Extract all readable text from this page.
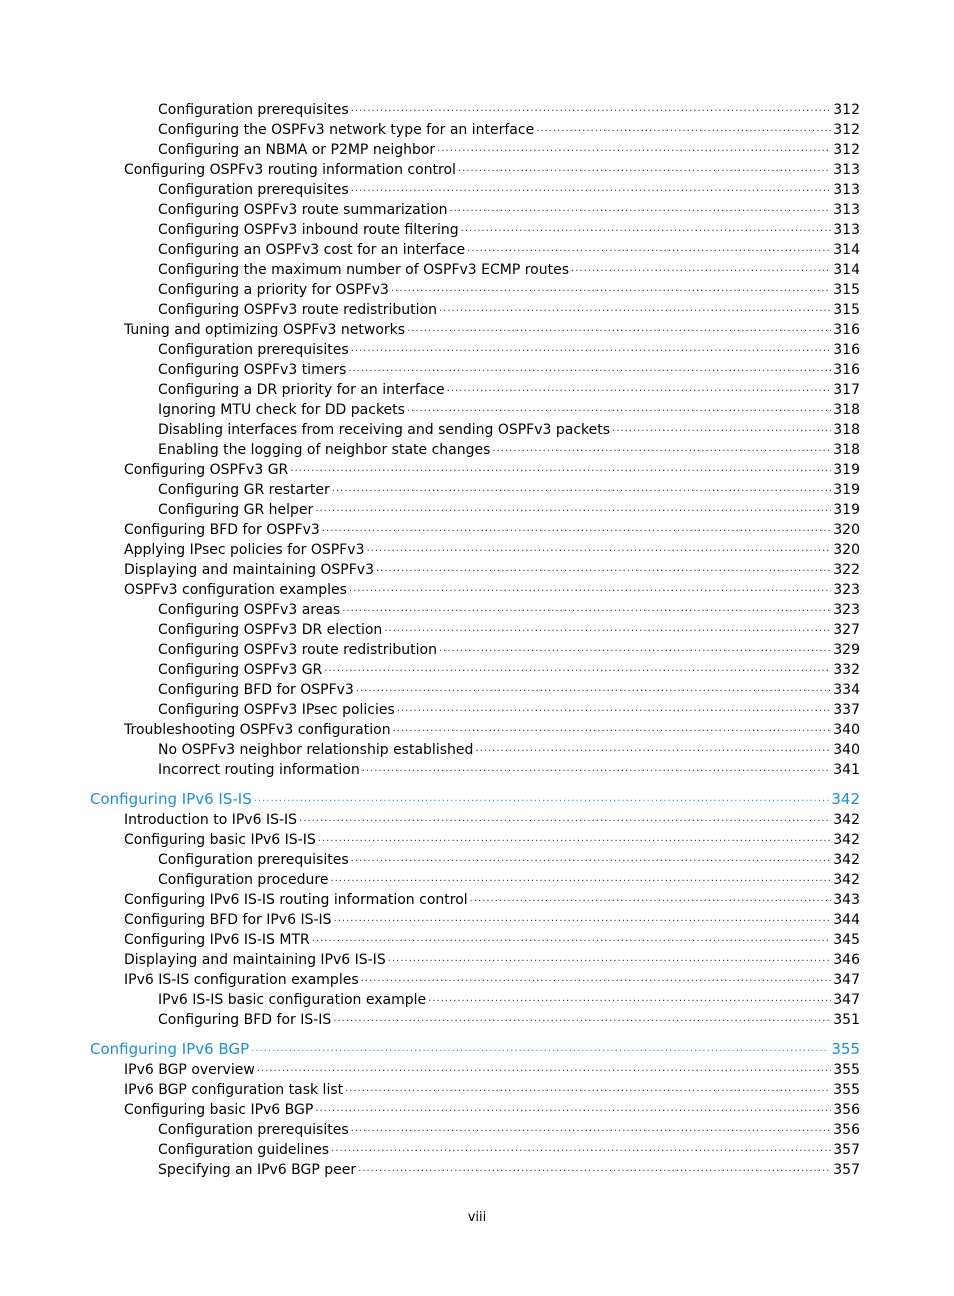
Configuration prerequisites ·····	312
Configuring the OSPFv3 network type for an interface ·····	312
Configuring an NBMA or P2MP neighbor ·····	312
Configuring OSPFv3 routing information control ·····	313
Configuration prerequisites ·····	313
Configuring OSPFv3 route summarization ·····	313
Configuring OSPFv3 inbound route filtering ·····	313
Configuring an OSPFv3 cost for an interface ·····	314
Configuring the maximum number of OSPFv3 ECMP routes ·····	314
Configuring a priority for OSPFv3 ·····	315
Configuring OSPFv3 route redistribution ·····	315
Tuning and optimizing OSPFv3 networks ·····	316
Configuration prerequisites ·····	316
Configuring OSPFv3 timers ·····	316
Configuring a DR priority for an interface ·····	317
Ignoring MTU check for DD packets ·····	318
Disabling interfaces from receiving and sending OSPFv3 packets ·····	318
Enabling the logging of neighbor state changes ·····	318
Configuring OSPFv3 GR ·····	319
Configuring GR restarter ·····	319
Configuring GR helper ·····	319
Configuring BFD for OSPFv3 ·····	320
Applying IPsec policies for OSPFv3 ·····	320
Displaying and maintaining OSPFv3 ·····	322
OSPFv3 configuration examples ·····	323
Configuring OSPFv3 areas ·····	323
Configuring OSPFv3 DR election ·····	327
Configuring OSPFv3 route redistribution ·····	329
Configuring OSPFv3 GR ·····	332
Configuring BFD for OSPFv3 ·····	334
Configuring OSPFv3 IPsec policies ·····	337
Troubleshooting OSPFv3 configuration ·····	340
No OSPFv3 neighbor relationship established ·····	340
Incorrect routing information ·····	341
Configuring IPv6 IS-IS ·····	342
Introduction to IPv6 IS-IS ·····	342
Configuring basic IPv6 IS-IS ·····	342
Configuration prerequisites ·····	342
Configuration procedure ·····	342
Configuring IPv6 IS-IS routing information control ·····	343
Configuring BFD for IPv6 IS-IS ·····	344
Configuring IPv6 IS-IS MTR ·····	345
Displaying and maintaining IPv6 IS-IS ·····	346
IPv6 IS-IS configuration examples ·····	347
IPv6 IS-IS basic configuration example ·····	347
Configuring BFD for IS-IS ·····	351
Configuring IPv6 BGP ·····	355
IPv6 BGP overview ·····	355
IPv6 BGP configuration task list ·····	355
Configuring basic IPv6 BGP ·····	356
Configuration prerequisites ·····	356
Configuration guidelines ·····	357
Specifying an IPv6 BGP peer ·····	357
viii
